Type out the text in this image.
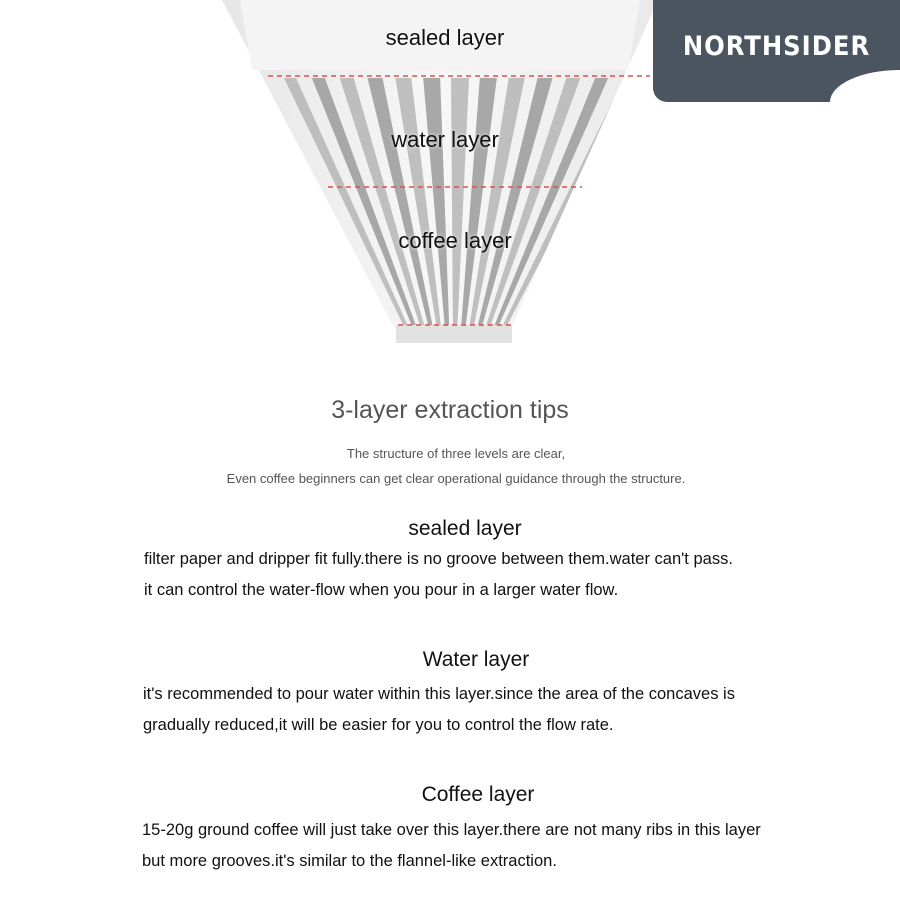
sealed layer
water layer
coffee layer
NORTHSIDER
3-layer extraction tips
The structure of three levels are clear,
Even coffee beginners can get clear operational guidance through the structure.
sealed layer
filter paper and dripper fit fully.there is no groove between them.water can't pass.
it can control the water-flow when you pour in a larger water flow.
Water layer
it's recommended to pour water within this layer.since the area of the concaves is
gradually reduced,it will be easier for you to control the flow rate.
Coffee layer
15-20g ground coffee will just take over this layer.there are not many ribs in this layer
but more grooves.it's similar to the flannel-like extraction.
